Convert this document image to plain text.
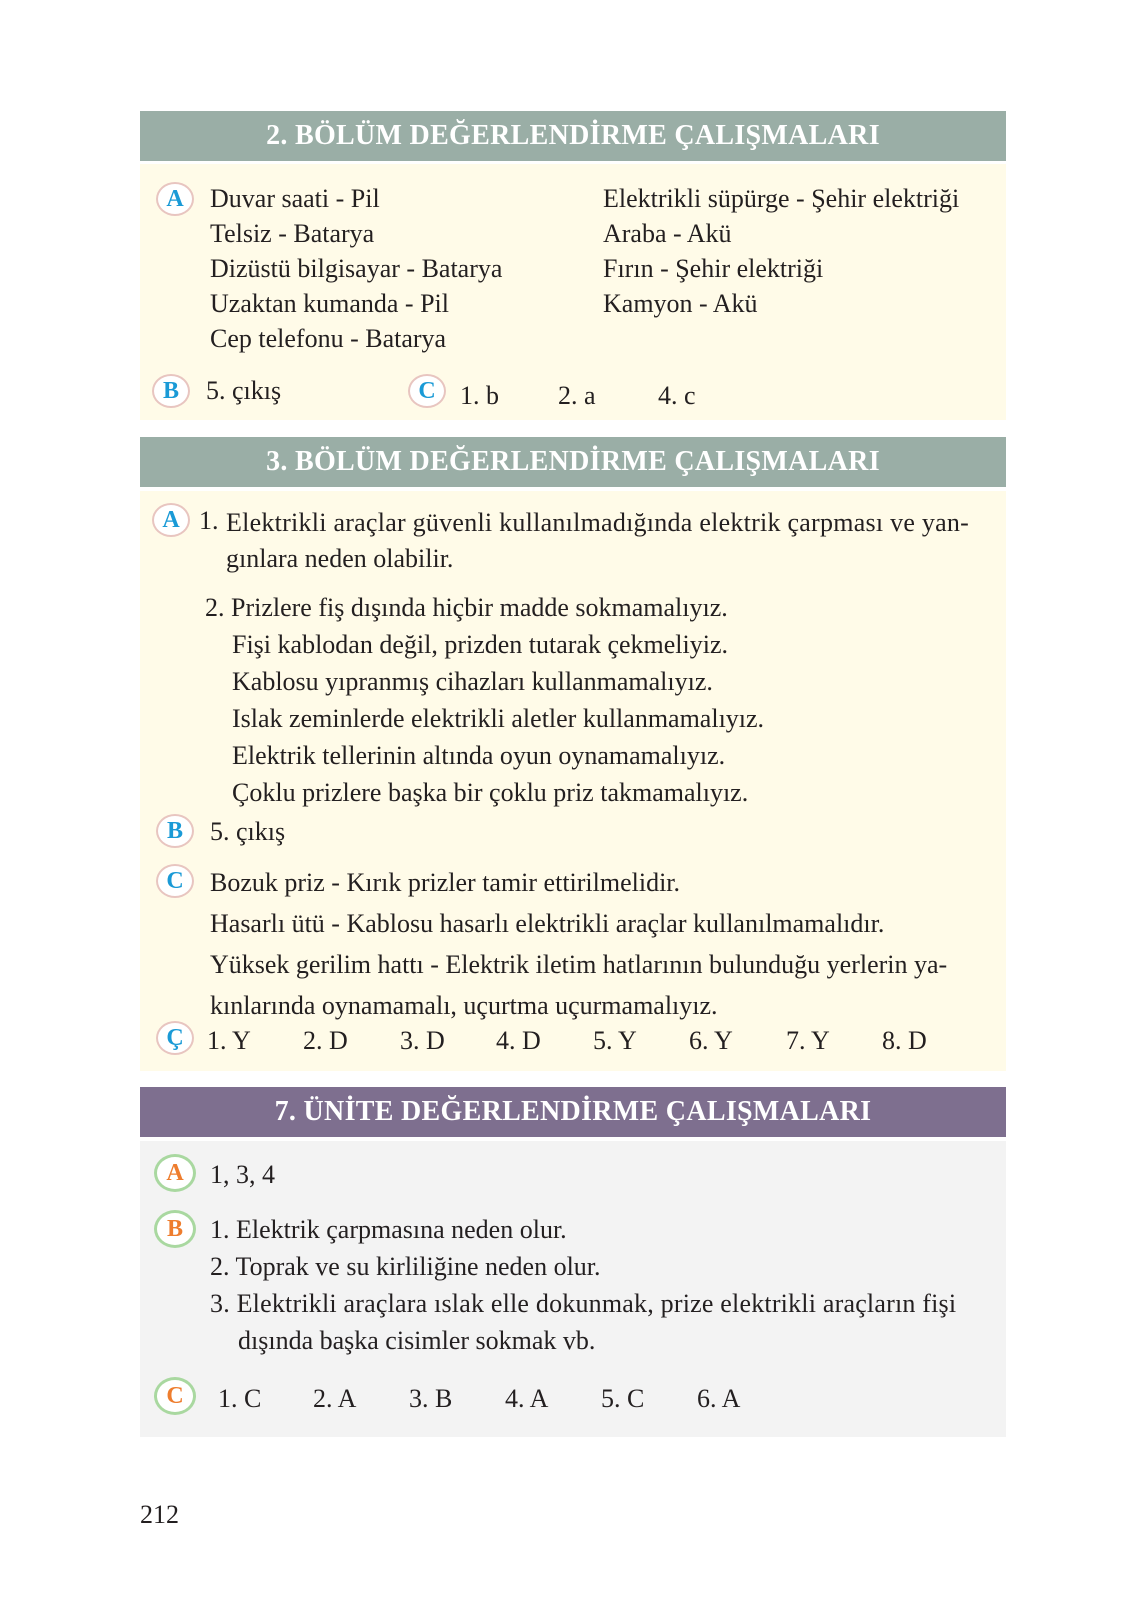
2. BÖLÜM DEĞERLENDİRME ÇALIŞMALARI
A	Duvar saati - Pil
Telsiz - Batarya
Dizüstü bilgisayar - Batarya
Uzaktan kumanda - Pil
Cep telefonu - Batarya
Elektrikli süpürge - Şehir elektriği
Araba - Akü
Fırın - Şehir elektriği
Kamyon - Akü
B	5. çıkış	C 1. b 2. a 4. c
3. BÖLÜM DEĞERLENDİRME ÇALIŞMALARI
A 1. Elektrikli araçlar güvenli kullanılmadığında elektrik çarpması ve yan-
gınlara neden olabilir.
2. Prizlere fiş dışında hiçbir madde sokmamalıyız.
Fişi kablodan değil, prizden tutarak çekmeliyiz.
Kablosu yıpranmış cihazları kullanmamalıyız.
Islak zeminlerde elektrikli aletler kullanmamalıyız.
Elektrik tellerinin altında oyun oynamamalıyız.
Çoklu prizlere başka bir çoklu priz takmamalıyız.
B	5. çıkış
C	Bozuk priz - Kırık prizler tamir ettirilmelidir.
Hasarlı ütü - Kablosu hasarlı elektrikli araçlar kullanılmamalıdır.
Yüksek gerilim hattı - Elektrik iletim hatlarının bulunduğu yerlerin ya-
kınlarında oynamamalı, uçurtma uçurmamalıyız.
Ç 1. Y 2. D 3. D 4. D 5. Y 6. Y 7. Y 8. D
7. ÜNİTE DEĞERLENDİRME ÇALIŞMALARI
A	1, 3, 4
B	1. Elektrik çarpmasına neden olur.
2. Toprak ve su kirliliğine neden olur.
3. Elektrikli araçlara ıslak elle dokunmak, prize elektrikli araçların fişi
dışında başka cisimler sokmak vb.
C	1. C 2. A 3. B 4. A 5. C 6. A
212
